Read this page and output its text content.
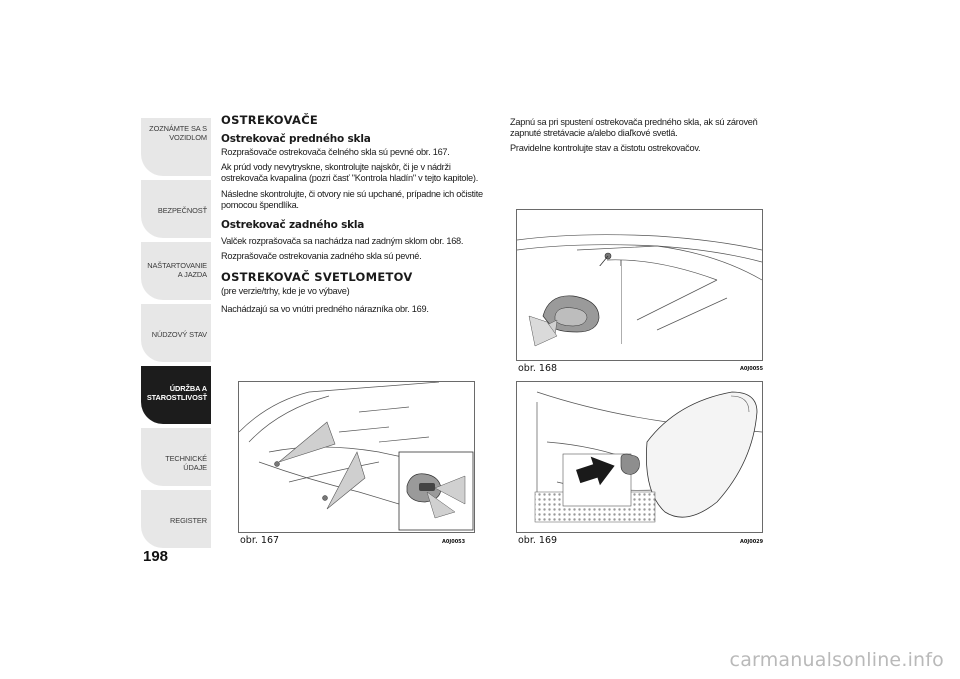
ZOZNÁMTE SA S VOZIDLOM
BEZPEČNOSŤ
NAŠTARTOVANIE A JAZDA
NÚDZOVÝ STAV
ÚDRŽBA A STAROSTLIVOSŤ
TECHNICKÉ ÚDAJE
REGISTER
198
OSTREKOVAČE
Ostrekovač predného skla

Rozprašovače ostrekovača čelného skla sú pevné obr. 167.

Ak prúd vody nevytryskne, skontrolujte najskôr, či je v nádrži ostrekovača kvapalina (pozri časť "Kontrola hladín" v tejto kapitole).

Následne skontrolujte, či otvory nie sú upchané, prípadne ich očistite pomocou špendlíka.

Ostrekovač zadného skla

Valček rozprašovača sa nachádza nad zadným sklom obr. 168.

Rozprašovače ostrekovania zadného skla sú pevné.

OSTREKOVAČ SVETLOMETOV

(pre verzie/trhy, kde je vo výbave)

Nachádzajú sa vo vnútri predného nárazníka obr. 169.

Zapnú sa pri spustení ostrekovača predného skla, ak sú zároveň zapnuté stretávacie a/alebo diaľkové svetlá.

Pravidelne kontrolujte stav a čistotu ostrekovačov.

obr. 167	A0J0053
obr. 168	A0J0055
obr. 169	A0J0029
carmanualsonline.info
